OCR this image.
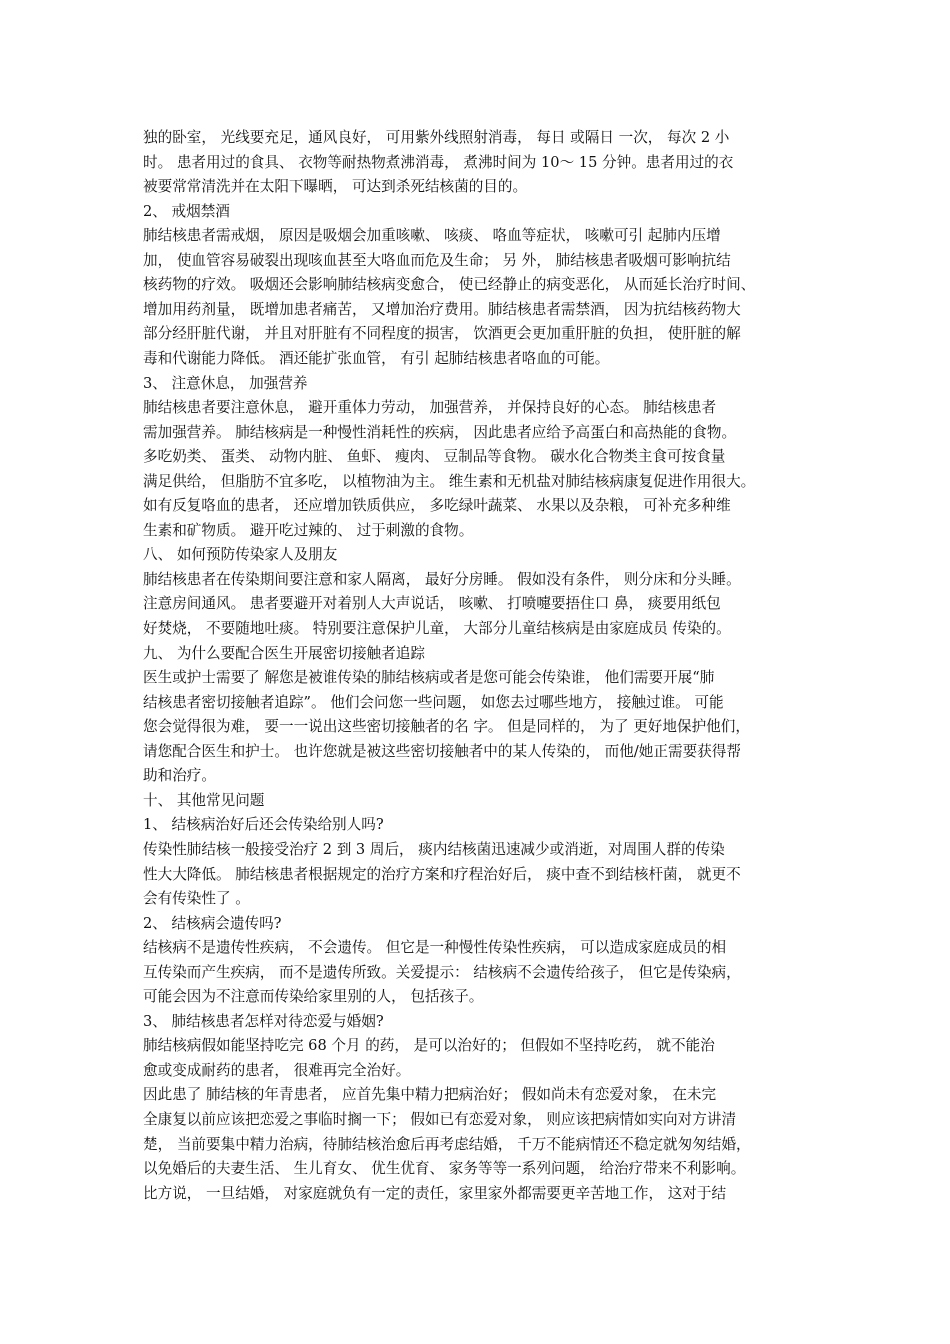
独的卧室， 光线要充足，通风良好， 可用紫外线照射消毒， 每日 或隔日 一次， 每次 2 小
时。 患者用过的食具、 衣物等耐热物煮沸消毒， 煮沸时间为 10～ 15 分钟。患者用过的衣
被要常常清洗并在太阳下曝晒， 可达到杀死结核菌的目的。
2、 戒烟禁酒
肺结核患者需戒烟， 原因是吸烟会加重咳嗽、 咳痰、 咯血等症状， 咳嗽可引 起肺内压增
加， 使血管容易破裂出现咳血甚至大咯血而危及生命； 另 外， 肺结核患者吸烟可影响抗结
核药物的疗效。 吸烟还会影响肺结核病变愈合， 使已经静止的病变恶化， 从而延长治疗时间、
增加用药剂量， 既增加患者痛苦， 又增加治疗费用。肺结核患者需禁酒， 因为抗结核药物大
部分经肝脏代谢， 并且对肝脏有不同程度的损害， 饮酒更会更加重肝脏的负担， 使肝脏的解
毒和代谢能力降低。 酒还能扩张血管， 有引 起肺结核患者咯血的可能。
3、 注意休息， 加强营养
肺结核患者要注意休息， 避开重体力劳动， 加强营养， 并保持良好的心态。 肺结核患者
需加强营养。 肺结核病是一种慢性消耗性的疾病， 因此患者应给予高蛋白和高热能的食物。
多吃奶类、 蛋类、 动物内脏、 鱼虾、 瘦肉、 豆制品等食物。 碳水化合物类主食可按食量
满足供给， 但脂肪不宜多吃， 以植物油为主。 维生素和无机盐对肺结核病康复促进作用很大。
如有反复咯血的患者， 还应增加铁质供应， 多吃绿叶蔬菜、 水果以及杂粮， 可补充多种维
生素和矿物质。 避开吃过辣的、 过于刺激的食物。
八、 如何预防传染家人及朋友
肺结核患者在传染期间要注意和家人隔离， 最好分房睡。 假如没有条件， 则分床和分头睡。
注意房间通风。 患者要避开对着别人大声说话， 咳嗽、 打喷嚏要捂住口 鼻， 痰要用纸包
好焚烧， 不要随地吐痰。 特别要注意保护儿童， 大部分儿童结核病是由家庭成员 传染的。
九、 为什么要配合医生开展密切接触者追踪
医生或护士需要了 解您是被谁传染的肺结核病或者是您可能会传染谁， 他们需要开展“肺
结核患者密切接触者追踪”。 他们会问您一些问题， 如您去过哪些地方， 接触过谁。 可能
您会觉得很为难， 要一一说出这些密切接触者的名 字。 但是同样的， 为了 更好地保护他们，
请您配合医生和护士。 也许您就是被这些密切接触者中的某人传染的， 而他/她正需要获得帮
助和治疗。
十、 其他常见问题
1、 结核病治好后还会传染给别人吗?
传染性肺结核一般接受治疗 2 到 3 周后， 痰内结核菌迅速减少或消逝，对周围人群的传染
性大大降低。 肺结核患者根据规定的治疗方案和疗程治好后， 痰中查不到结核杆菌， 就更不
会有传染性了 。
2、 结核病会遗传吗?
结核病不是遗传性疾病， 不会遗传。 但它是一种慢性传染性疾病， 可以造成家庭成员的相
互传染而产生疾病， 而不是遗传所致。关爱提示： 结核病不会遗传给孩子， 但它是传染病，
可能会因为不注意而传染给家里别的人， 包括孩子。
3、 肺结核患者怎样对待恋爱与婚姻?
肺结核病假如能坚持吃完 68 个月 的药， 是可以治好的； 但假如不坚持吃药， 就不能治
愈或变成耐药的患者， 很难再完全治好。
因此患了 肺结核的年青患者， 应首先集中精力把病治好； 假如尚未有恋爱对象， 在未完
全康复以前应该把恋爱之事临时搁一下； 假如已有恋爱对象， 则应该把病情如实向对方讲清
楚， 当前要集中精力治病，待肺结核治愈后再考虑结婚， 千万不能病情还不稳定就匆匆结婚，
以免婚后的夫妻生活、 生儿育女、 优生优育、 家务等等一系列问题， 给治疗带来不利影响。
比方说， 一旦结婚， 对家庭就负有一定的责任，家里家外都需要更辛苦地工作， 这对于结
